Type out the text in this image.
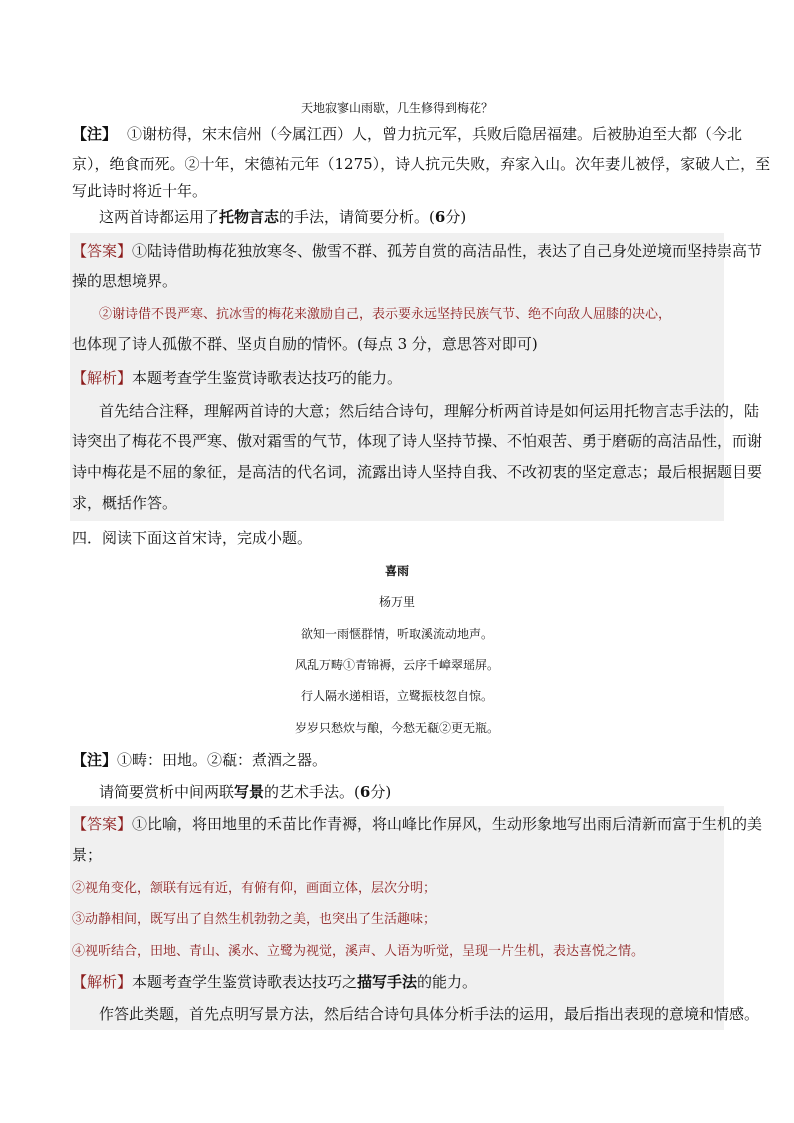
天地寂寥山雨歇，几生修得到梅花？
【注】 ①谢枋得，宋末信州（今属江西）人，曾力抗元军，兵败后隐居福建。后被胁迫至大都（今北
京），绝食而死。②十年，宋德祐元年（1275），诗人抗元失败，弃家入山。次年妻儿被俘，家破人亡，至
写此诗时将近十年。
这两首诗都运用了托物言志的手法，请简要分析。(6分)
【答案】①陆诗借助梅花独放寒冬、傲雪不群、孤芳自赏的高洁品性，表达了自己身处逆境而坚持崇高节
操的思想境界。
②谢诗借不畏严寒、抗冰雪的梅花来激励自己，表示要永远坚持民族气节、绝不向敌人屈膝的决心，
也体现了诗人孤傲不群、坚贞自励的情怀。(每点 3 分，意思答对即可)
【解析】本题考查学生鉴赏诗歌表达技巧的能力。
首先结合注释，理解两首诗的大意；然后结合诗句，理解分析两首诗是如何运用托物言志手法的，陆
诗突出了梅花不畏严寒、傲对霜雪的气节，体现了诗人坚持节操、不怕艰苦、勇于磨砺的高洁品性，而谢
诗中梅花是不屈的象征，是高洁的代名词，流露出诗人坚持自我、不改初衷的坚定意志；最后根据题目要
求，概括作答。
四．阅读下面这首宋诗，完成小题。
喜雨
杨万里
欲知一雨惬群情，听取溪流动地声。
风乱万畴①青锦褥，云序千嶂翠瑶屏。
行人隔水递相语，立鹭振枝忽自惊。
岁岁只愁炊与酿，今愁无瓻②更无瓶。
【注】①畴：田地。②瓻：煮酒之器。
请简要赏析中间两联写景的艺术手法。(6分)
【答案】①比喻，将田地里的禾苗比作青褥，将山峰比作屏风，生动形象地写出雨后清新而富于生机的美
景；
②视角变化，颔联有远有近，有俯有仰，画面立体，层次分明；
③动静相间，既写出了自然生机勃勃之美，也突出了生活趣味；
④视听结合，田地、青山、溪水、立鹭为视觉，溪声、人语为听觉，呈现一片生机，表达喜悦之情。
【解析】本题考查学生鉴赏诗歌表达技巧之描写手法的能力。
作答此类题，首先点明写景方法，然后结合诗句具体分析手法的运用，最后指出表现的意境和情感。
